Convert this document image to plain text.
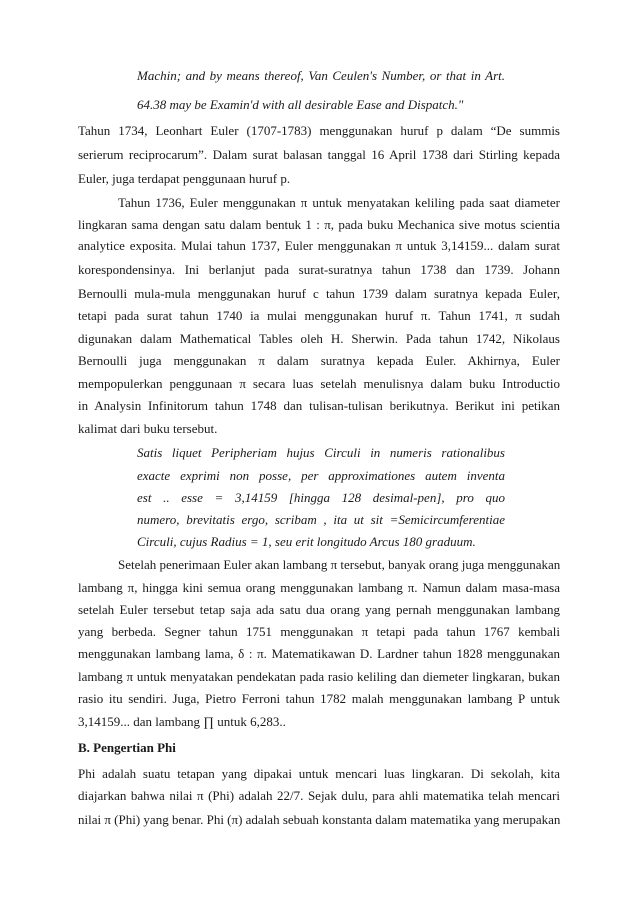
Machin; and by means thereof, Van Ceulen's Number, or that in Art.
64.38 may be Examin'd with all desirable Ease and Dispatch."
Tahun 1734, Leonhart Euler (1707-1783) menggunakan huruf p dalam “De summis
serierum reciprocarum”. Dalam surat balasan tanggal 16 April 1738 dari Stirling kepada
Euler, juga terdapat penggunaan huruf p.
Tahun 1736, Euler menggunakan π untuk menyatakan keliling pada saat diameter
lingkaran sama dengan satu dalam bentuk 1 : π, pada buku Mechanica sive motus scientia
analytice exposita. Mulai tahun 1737, Euler menggunakan π untuk 3,14159... dalam surat
korespondensinya. Ini berlanjut pada surat-suratnya tahun 1738 dan 1739. Johann
Bernoulli mula-mula menggunakan huruf c tahun 1739 dalam suratnya kepada Euler,
tetapi pada surat tahun 1740 ia mulai menggunakan huruf π. Tahun 1741, π sudah
digunakan dalam Mathematical Tables oleh H. Sherwin. Pada tahun 1742, Nikolaus
Bernoulli juga menggunakan π dalam suratnya kepada Euler. Akhirnya, Euler
mempopulerkan penggunaan π secara luas setelah menulisnya dalam buku Introductio
in Analysin Infinitorum tahun 1748 dan tulisan-tulisan berikutnya. Berikut ini petikan
kalimat dari buku tersebut.
Satis liquet Peripheriam hujus Circuli in numeris rationalibus
exacte exprimi non posse, per approximationes autem inventa
est .. esse = 3,14159 [hingga 128 desimal-pen], pro quo
numero, brevitatis ergo, scribam , ita ut sit =Semicircumferentiae
Circuli, cujus Radius = 1, seu erit longitudo Arcus 180 graduum.
Setelah penerimaan Euler akan lambang π tersebut, banyak orang juga menggunakan
lambang π, hingga kini semua orang menggunakan lambang π. Namun dalam masa-masa
setelah Euler tersebut tetap saja ada satu dua orang yang pernah menggunakan lambang
yang berbeda. Segner tahun 1751 menggunakan π tetapi pada tahun 1767 kembali
menggunakan lambang lama, δ : π. Matematikawan D. Lardner tahun 1828 menggunakan
lambang π untuk menyatakan pendekatan pada rasio keliling dan diemeter lingkaran, bukan
rasio itu sendiri. Juga, Pietro Ferroni tahun 1782 malah menggunakan lambang P untuk
3,14159... dan lambang ∏ untuk 6,283..
B. Pengertian Phi
Phi adalah suatu tetapan yang dipakai untuk mencari luas lingkaran. Di sekolah, kita
diajarkan bahwa nilai π (Phi) adalah 22/7. Sejak dulu, para ahli matematika telah mencari
nilai π (Phi) yang benar. Phi (π) adalah sebuah konstanta dalam matematika yang merupakan
